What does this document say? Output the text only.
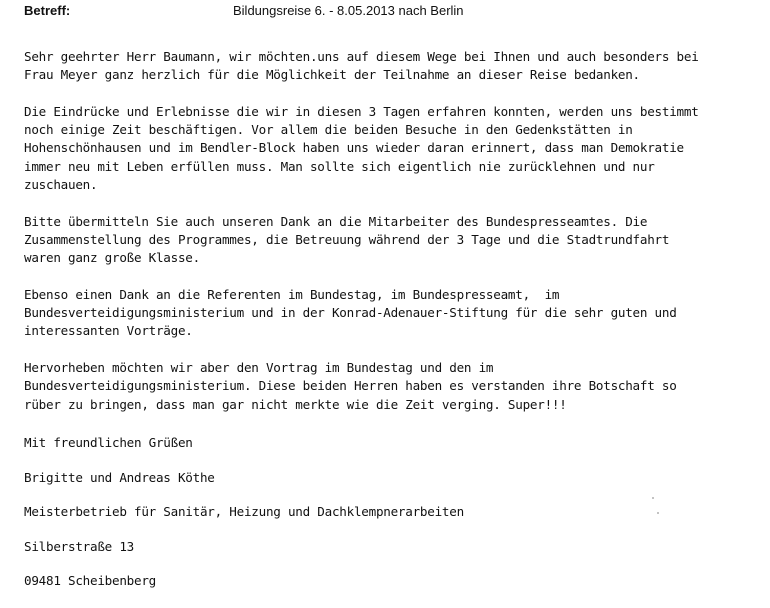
Betreff:	Bildungsreise 6. - 8.05.2013 nach Berlin
Sehr geehrter Herr Baumann, wir möchten.uns auf diesem Wege bei Ihnen und auch besonders bei
Frau Meyer ganz herzlich für die Möglichkeit der Teilnahme an dieser Reise bedanken.
Die Eindrücke und Erlebnisse die wir in diesen 3 Tagen erfahren konnten, werden uns bestimmt
noch einige Zeit beschäftigen. Vor allem die beiden Besuche in den Gedenkstätten in
Hohenschönhausen und im Bendler-Block haben uns wieder daran erinnert, dass man Demokratie
immer neu mit Leben erfüllen muss. Man sollte sich eigentlich nie zurücklehnen und nur
zuschauen.
Bitte übermitteln Sie auch unseren Dank an die Mitarbeiter des Bundespresseamtes. Die
Zusammenstellung des Programmes, die Betreuung während der 3 Tage und die Stadtrundfahrt
waren ganz große Klasse.
Ebenso einen Dank an die Referenten im Bundestag, im Bundespresseamt,  im
Bundesverteidigungsministerium und in der Konrad-Adenauer-Stiftung für die sehr guten und
interessanten Vorträge.
Hervorheben möchten wir aber den Vortrag im Bundestag und den im
Bundesverteidigungsministerium. Diese beiden Herren haben es verstanden ihre Botschaft so
rüber zu bringen, dass man gar nicht merkte wie die Zeit verging. Super!!!
Mit freundlichen Grüßen
Brigitte und Andreas Köthe
Meisterbetrieb für Sanitär, Heizung und Dachklempnerarbeiten
Silberstraße 13
09481 Scheibenberg
